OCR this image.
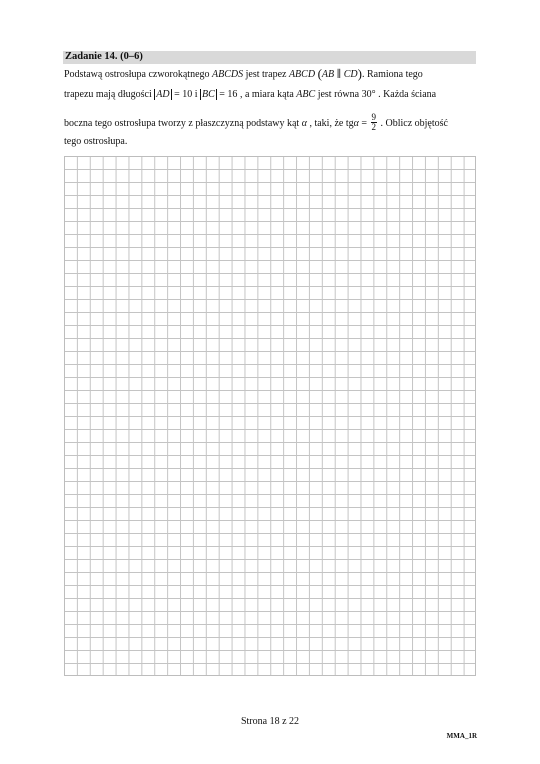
Zadanie 14. (0–6)
Podstawą ostrosłupa czworokątnego ABCDS jest trapez ABCD (AB ∥ CD). Ramiona tego
trapezu mają długości AD = 10 i BC = 16 , a miara kąta ABC jest równa 30° . Każda ściana
boczna tego ostrosłupa tworzy z płaszczyzną podstawy kąt α , taki, że $tg\alpha = \frac{9}{2}$ . Oblicz objętość
tego ostrosłupa.
Strona 18 z 22
MMA_1R
